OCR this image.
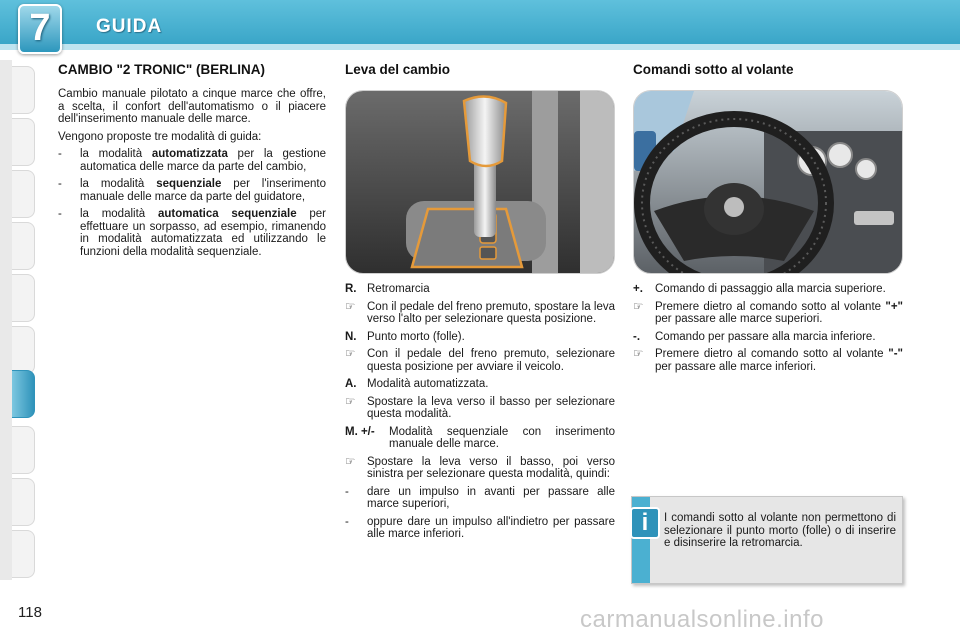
7	GUIDA
CAMBIO "2 TRONIC" (BERLINA)

Cambio manuale pilotato a cinque marce che offre, a scelta, il confort dell'automatismo o il piacere dell'inserimento manuale delle marce.

Vengono proposte tre modalità di guida:

-	la modalità automatizzata per la gestione automatica delle marce da parte del cambio,
-	la modalità sequenziale per l'inserimento manuale delle marce da parte del guidatore,
-	la modalità automatica sequenziale per effettuare un sorpasso, ad esempio, rimanendo in modalità automatizzata ed utilizzando le funzioni della modalità sequenziale.
Leva del cambio
R. Retromarcia
☞	Con il pedale del freno premuto, spostare la leva verso l'alto per selezionare questa posizione.
N. Punto morto (folle).
☞	Con il pedale del freno premuto, selezionare questa posizione per avviare il veicolo.
A. Modalità automatizzata.
☞	Spostare la leva verso il basso per selezionare questa modalità.
M. +/-	Modalità sequenziale con inserimento manuale delle marce.
☞	Spostare la leva verso il basso, poi verso sinistra per selezionare questa modalità, quindi:
-	dare un impulso in avanti per passare alle marce superiori,
-	oppure dare un impulso all'indietro per passare alle marce inferiori.
Comandi sotto al volante
+.	Comando di passaggio alla marcia superiore.
☞	Premere dietro al comando sotto al volante "+" per passare alle marce superiori.
-.	Comando per passare alla marcia inferiore.
☞	Premere dietro al comando sotto al volante "-" per passare alle marce inferiori.
i	I comandi sotto al volante non permettono di selezionare il punto morto (folle) o di inserire e disinserire la retromarcia.
118	carmanualsonline.info
